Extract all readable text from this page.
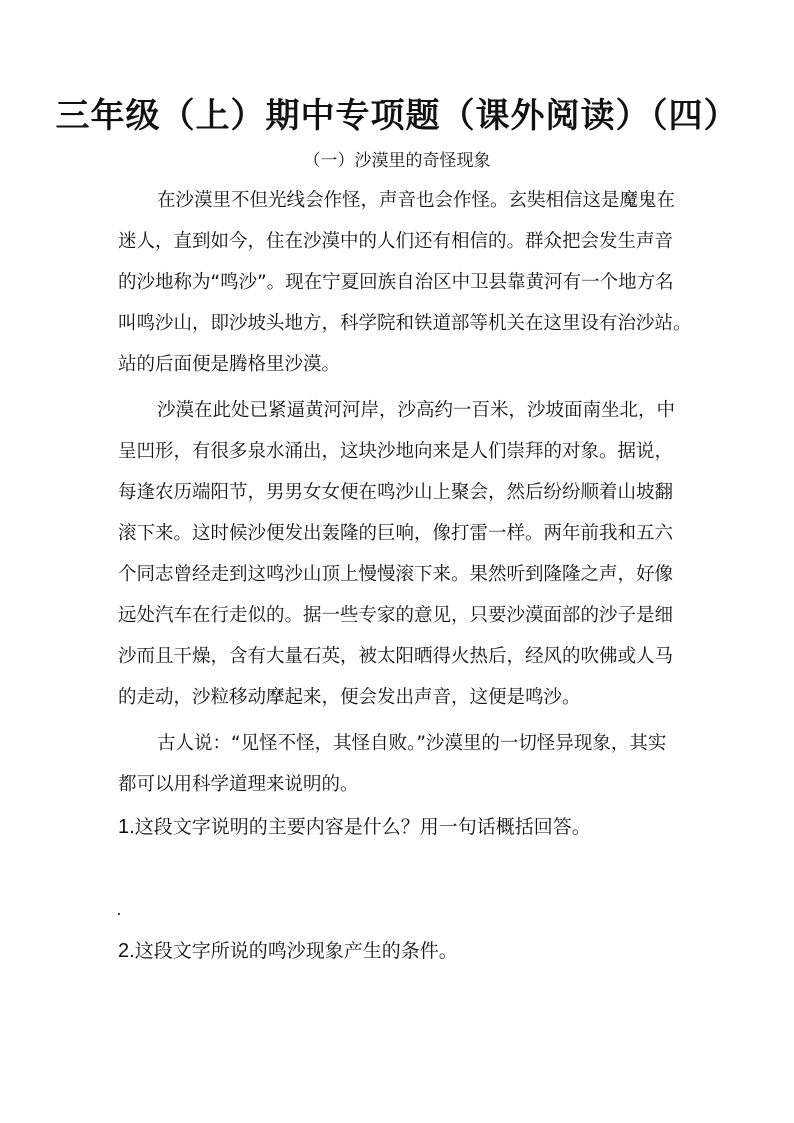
三年级（上）期中专项题（课外阅读）（四）
（一）沙漠里的奇怪现象
在沙漠里不但光线会作怪，声音也会作怪。玄奘相信这是魔鬼在
迷人，直到如今，住在沙漠中的人们还有相信的。群众把会发生声音
的沙地称为“鸣沙”。现在宁夏回族自治区中卫县靠黄河有一个地方名
叫鸣沙山，即沙坡头地方，科学院和铁道部等机关在这里设有治沙站。
站的后面便是腾格里沙漠。
沙漠在此处已紧逼黄河河岸，沙高约一百米，沙坡面南坐北，中
呈凹形，有很多泉水涌出，这块沙地向来是人们崇拜的对象。据说，
每逢农历端阳节，男男女女便在鸣沙山上聚会，然后纷纷顺着山坡翻
滚下来。这时候沙便发出轰隆的巨响，像打雷一样。两年前我和五六
个同志曾经走到这鸣沙山顶上慢慢滚下来。果然听到隆隆之声，好像
远处汽车在行走似的。据一些专家的意见，只要沙漠面部的沙子是细
沙而且干燥，含有大量石英，被太阳晒得火热后，经风的吹佛或人马
的走动，沙粒移动摩起来，便会发出声音，这便是鸣沙。
古人说：“见怪不怪，其怪自败。”沙漠里的一切怪异现象，其实
都可以用科学道理来说明的。
1.这段文字说明的主要内容是什么？用一句话概括回答。
2.这段文字所说的鸣沙现象产生的条件。
